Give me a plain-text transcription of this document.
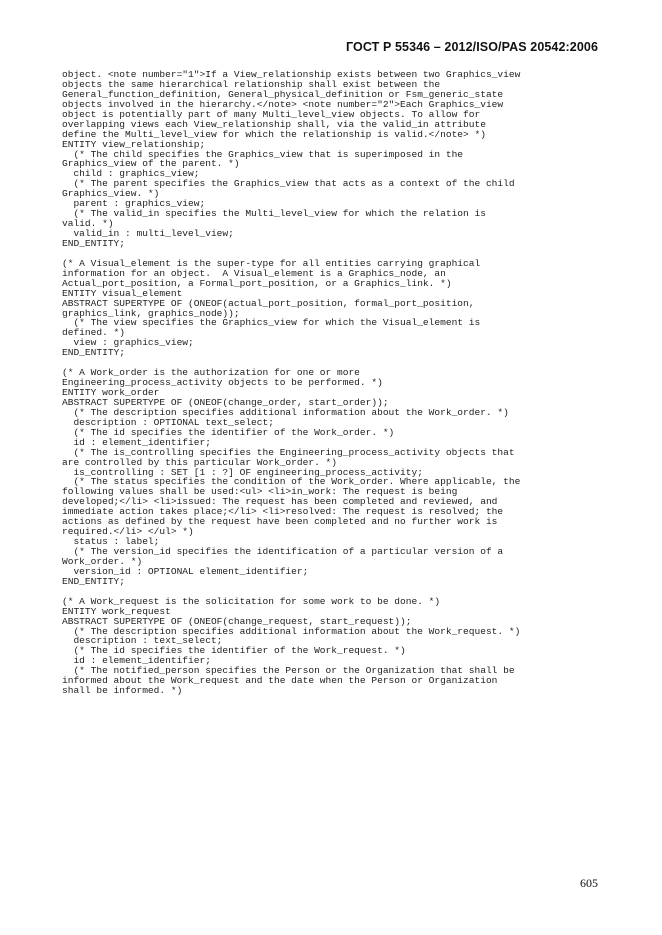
ГОСТ Р 55346 – 2012/ISO/PAS 20542:2006
object. <note number="1">If a View_relationship exists between two Graphics_view
objects the same hierarchical relationship shall exist between the
General_function_definition, General_physical_definition or Fsm_generic_state
objects involved in the hierarchy.</note> <note number="2">Each Graphics_view
object is potentially part of many Multi_level_view objects. To allow for
overlapping views each View_relationship shall, via the valid_in attribute
define the Multi_level_view for which the relationship is valid.</note> *)
ENTITY view_relationship;
(* The child specifies the Graphics_view that is superimposed in the
Graphics_view of the parent. *)
child : graphics_view;
(* The parent specifies the Graphics_view that acts as a context of the child
Graphics_view. *)
parent : graphics_view;
(* The valid_in specifies the Multi_level_view for which the relation is
valid. *)
valid_in : multi_level_view;
END_ENTITY;
(* A Visual_element is the super-type for all entities carrying graphical
information for an object.  A Visual_element is a Graphics_node, an
Actual_port_position, a Formal_port_position, or a Graphics_link. *)
ENTITY visual_element
ABSTRACT SUPERTYPE OF (ONEOF(actual_port_position, formal_port_position,
graphics_link, graphics_node));
(* The view specifies the Graphics_view for which the Visual_element is
defined. *)
view : graphics_view;
END_ENTITY;
(* A Work_order is the authorization for one or more
Engineering_process_activity objects to be performed. *)
ENTITY work_order
ABSTRACT SUPERTYPE OF (ONEOF(change_order, start_order));
(* The description specifies additional information about the Work_order. *)
description : OPTIONAL text_select;
(* The id specifies the identifier of the Work_order. *)
id : element_identifier;
(* The is_controlling specifies the Engineering_process_activity objects that
are controlled by this particular Work_order. *)
is_controlling : SET [1 : ?] OF engineering_process_activity;
(* The status specifies the condition of the Work_order. Where applicable, the
following values shall be used:<ul> <li>in_work: The request is being
developed;</li> <li>issued: The request has been completed and reviewed, and
immediate action takes place;</li> <li>resolved: The request is resolved; the
actions as defined by the request have been completed and no further work is
required.</li> </ul> *)
status : label;
(* The version_id specifies the identification of a particular version of a
Work_order. *)
version_id : OPTIONAL element_identifier;
END_ENTITY;
(* A Work_request is the solicitation for some work to be done. *)
ENTITY work_request
ABSTRACT SUPERTYPE OF (ONEOF(change_request, start_request));
(* The description specifies additional information about the Work_request. *)
description : text_select;
(* The id specifies the identifier of the Work_request. *)
id : element_identifier;
(* The notified_person specifies the Person or the Organization that shall be
informed about the Work_request and the date when the Person or Organization
shall be informed. *)
605
